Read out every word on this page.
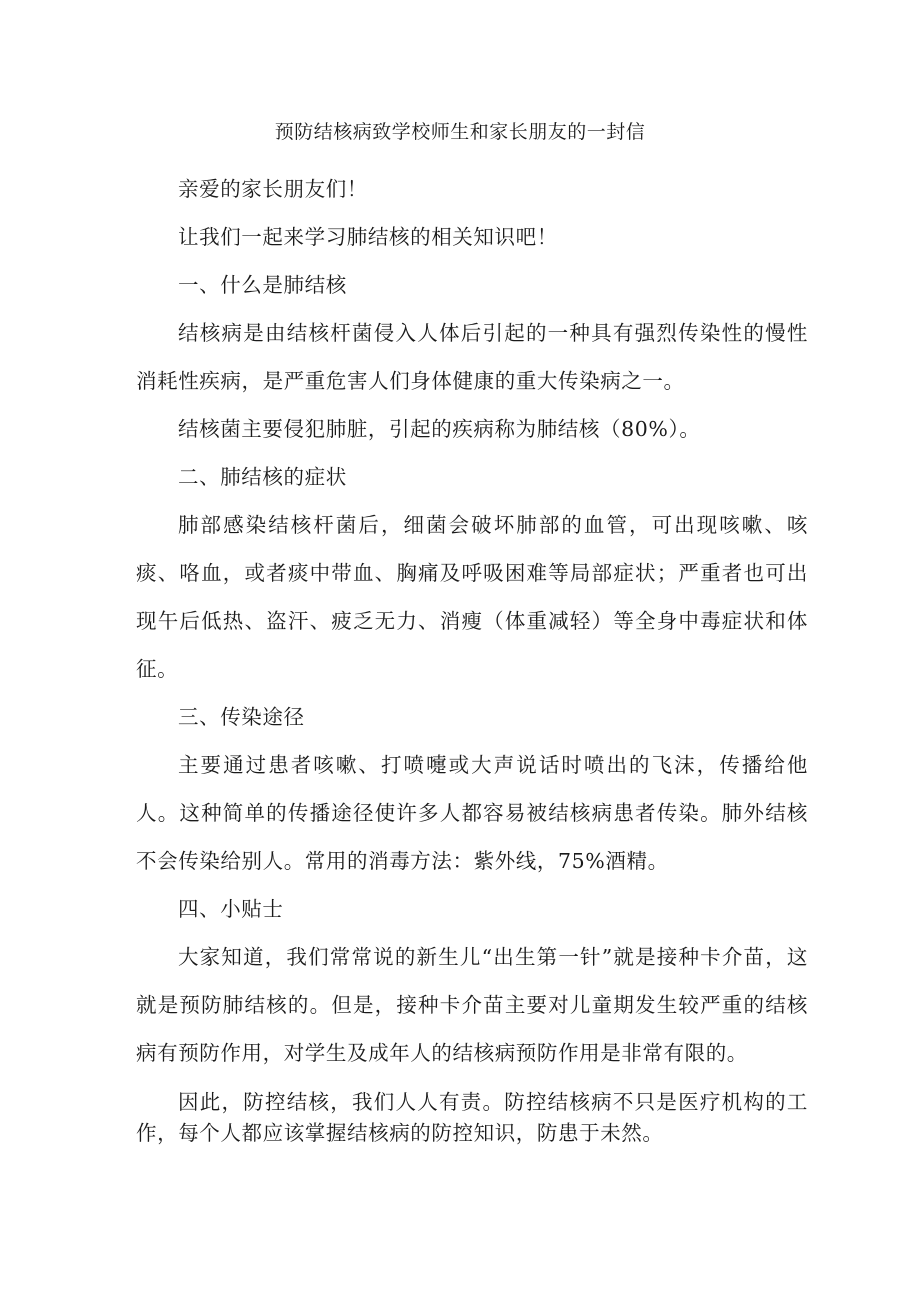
预防结核病致学校师生和家长朋友的一封信

亲爱的家长朋友们！

让我们一起来学习肺结核的相关知识吧！

一、什么是肺结核

结核病是由结核杆菌侵入人体后引起的一种具有强烈传染性的慢性消耗性疾病，是严重危害人们身体健康的重大传染病之一。

结核菌主要侵犯肺脏，引起的疾病称为肺结核（80%）。

二、肺结核的症状

肺部感染结核杆菌后，细菌会破坏肺部的血管，可出现咳嗽、咳痰、咯血，或者痰中带血、胸痛及呼吸困难等局部症状；严重者也可出现午后低热、盗汗、疲乏无力、消瘦（体重减轻）等全身中毒症状和体征。

三、传染途径

主要通过患者咳嗽、打喷嚏或大声说话时喷出的飞沫，传播给他人。这种简单的传播途径使许多人都容易被结核病患者传染。肺外结核不会传染给别人。常用的消毒方法：紫外线，75%酒精。

四、小贴士

大家知道，我们常常说的新生儿“出生第一针”就是接种卡介苗，这就是预防肺结核的。但是，接种卡介苗主要对儿童期发生较严重的结核病有预防作用，对学生及成年人的结核病预防作用是非常有限的。

因此，防控结核，我们人人有责。防控结核病不只是医疗机构的工作，每个人都应该掌握结核病的防控知识，防患于未然。
